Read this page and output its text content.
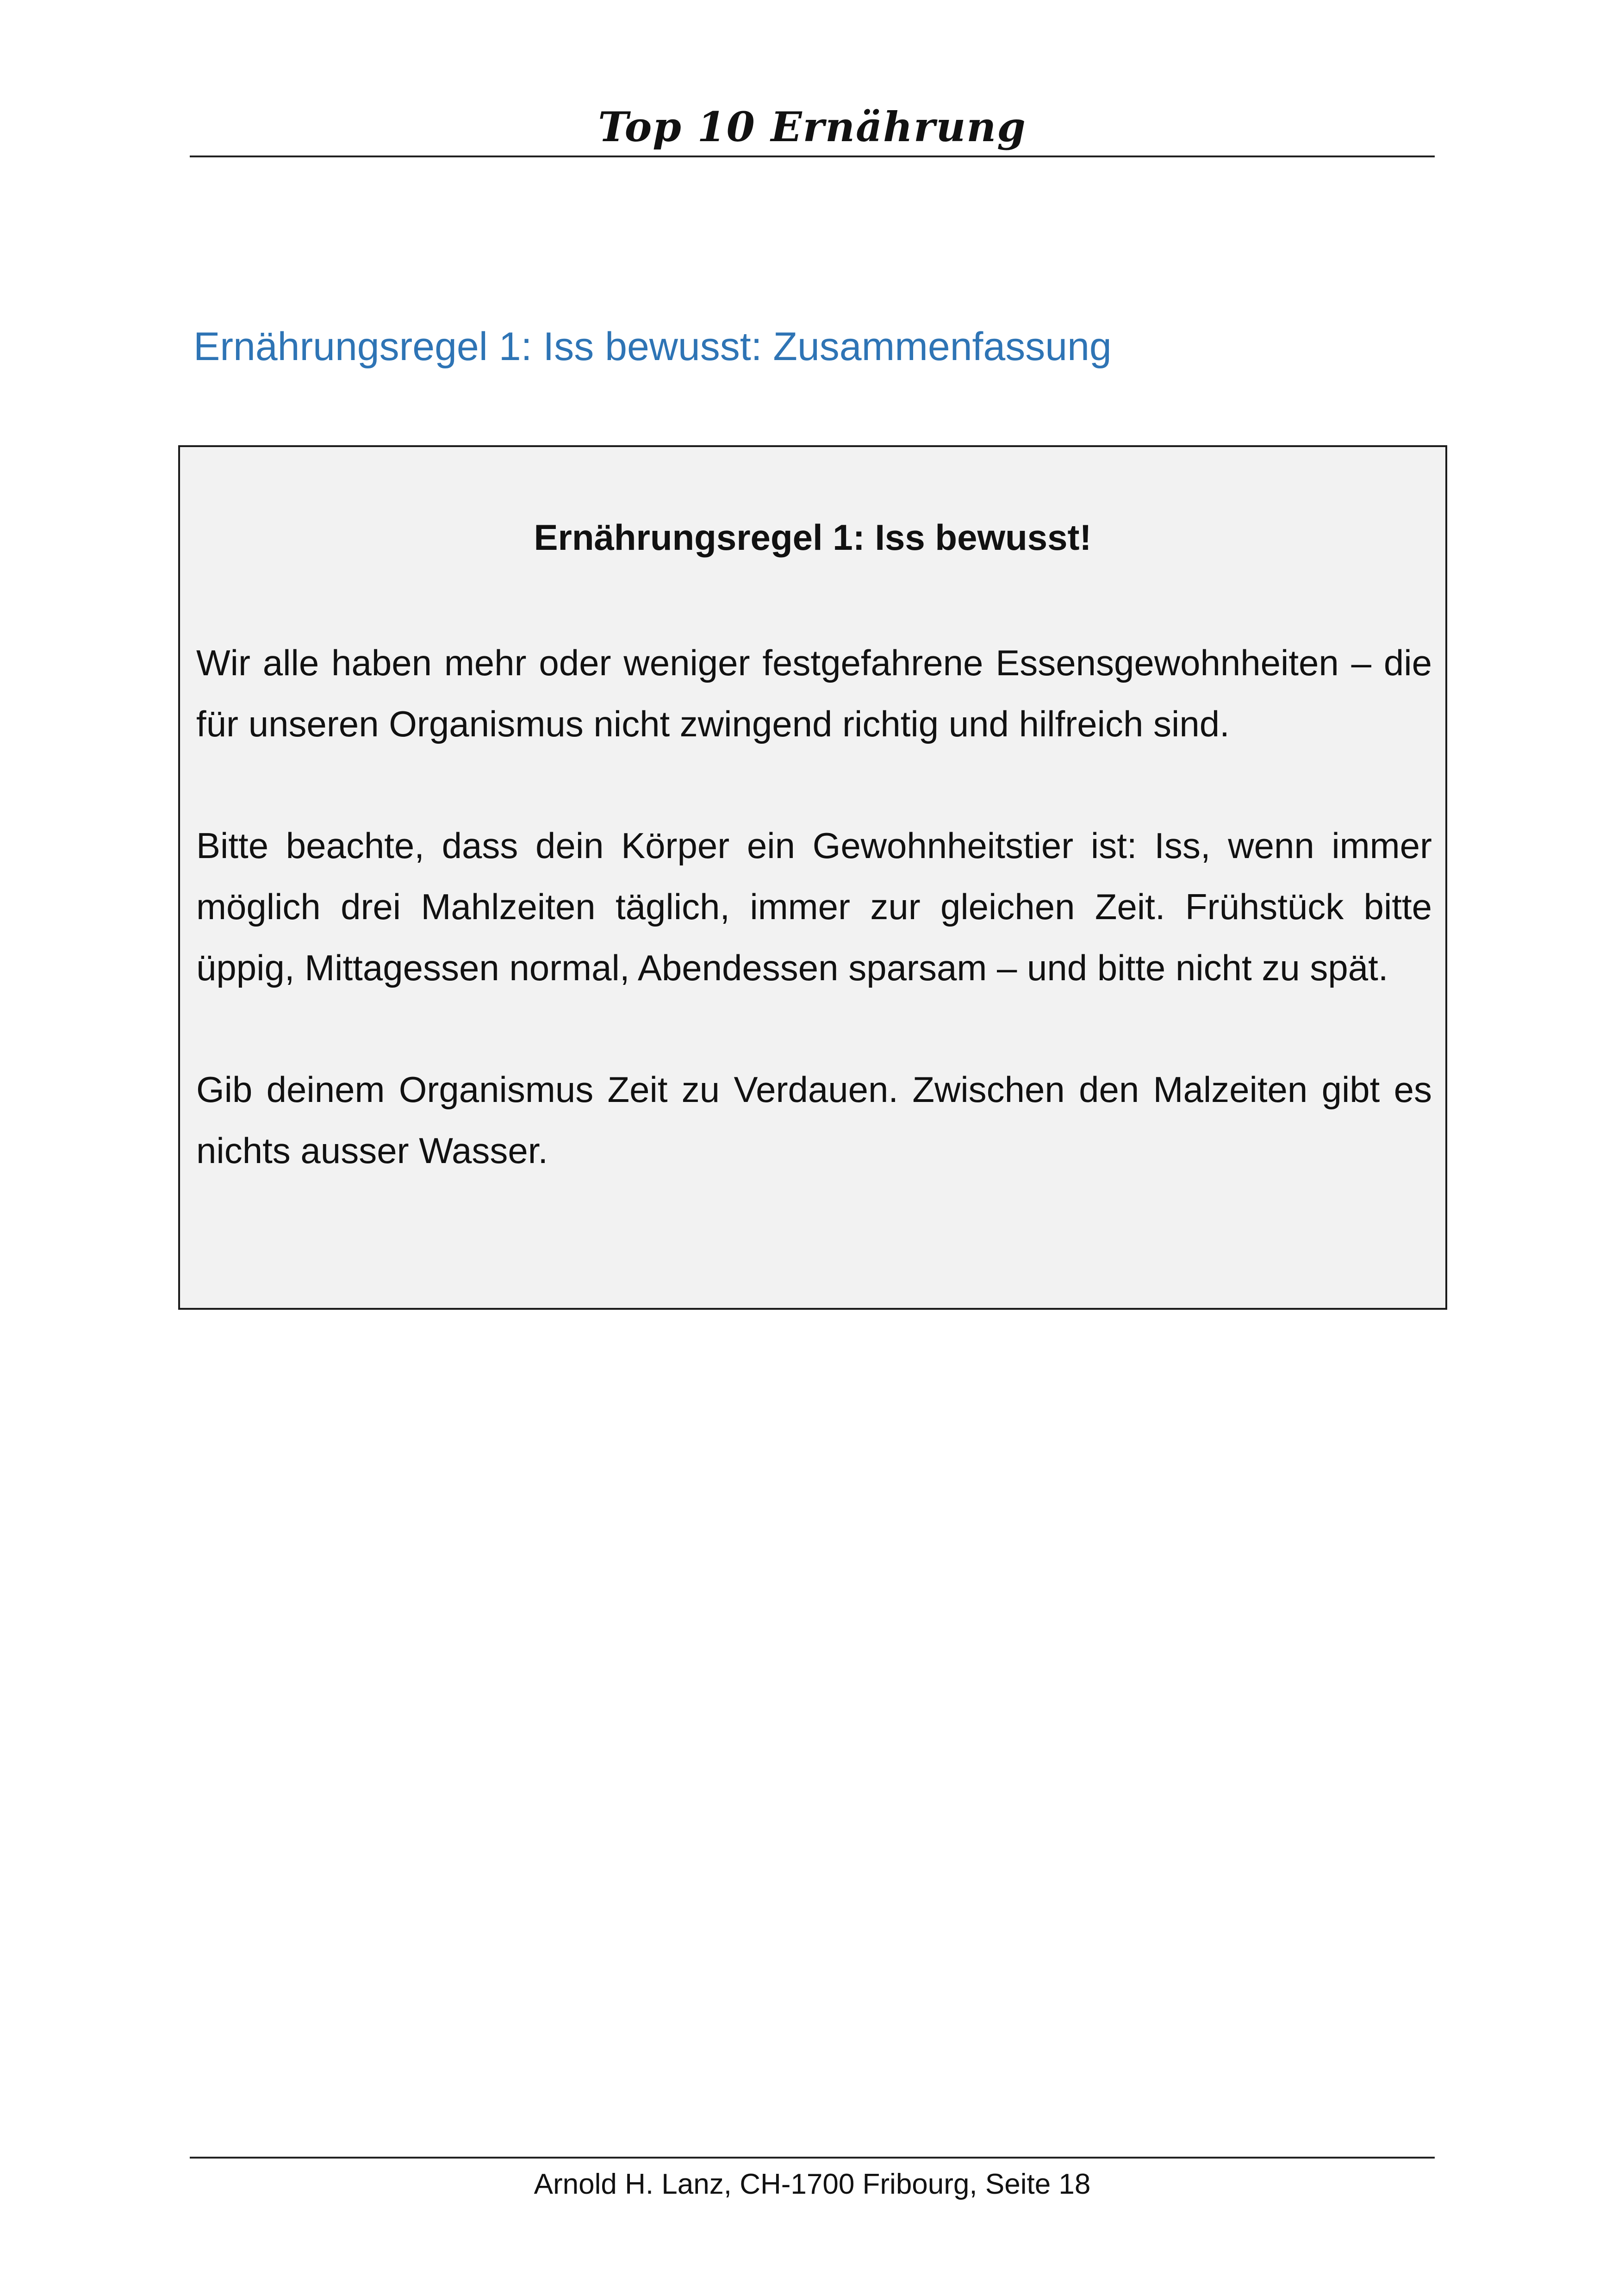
Top 10 Ernährung
Ernährungsregel 1: Iss bewusst: Zusammenfassung
Ernährungsregel 1: Iss bewusst!
Wir alle haben mehr oder weniger festgefahrene Essensgewohnheiten – die für unseren Organismus nicht zwingend richtig und hilfreich sind.
Bitte beachte, dass dein Körper ein Gewohnheitstier ist: Iss, wenn immer möglich drei Mahlzeiten täglich, immer zur gleichen Zeit. Frühstück bitte üppig, Mittagessen normal, Abendessen sparsam – und bitte nicht zu spät.
Gib deinem Organismus Zeit zu Verdauen. Zwischen den Malzeiten gibt es nichts ausser Wasser.
Arnold H. Lanz, CH-1700 Fribourg, Seite 18
